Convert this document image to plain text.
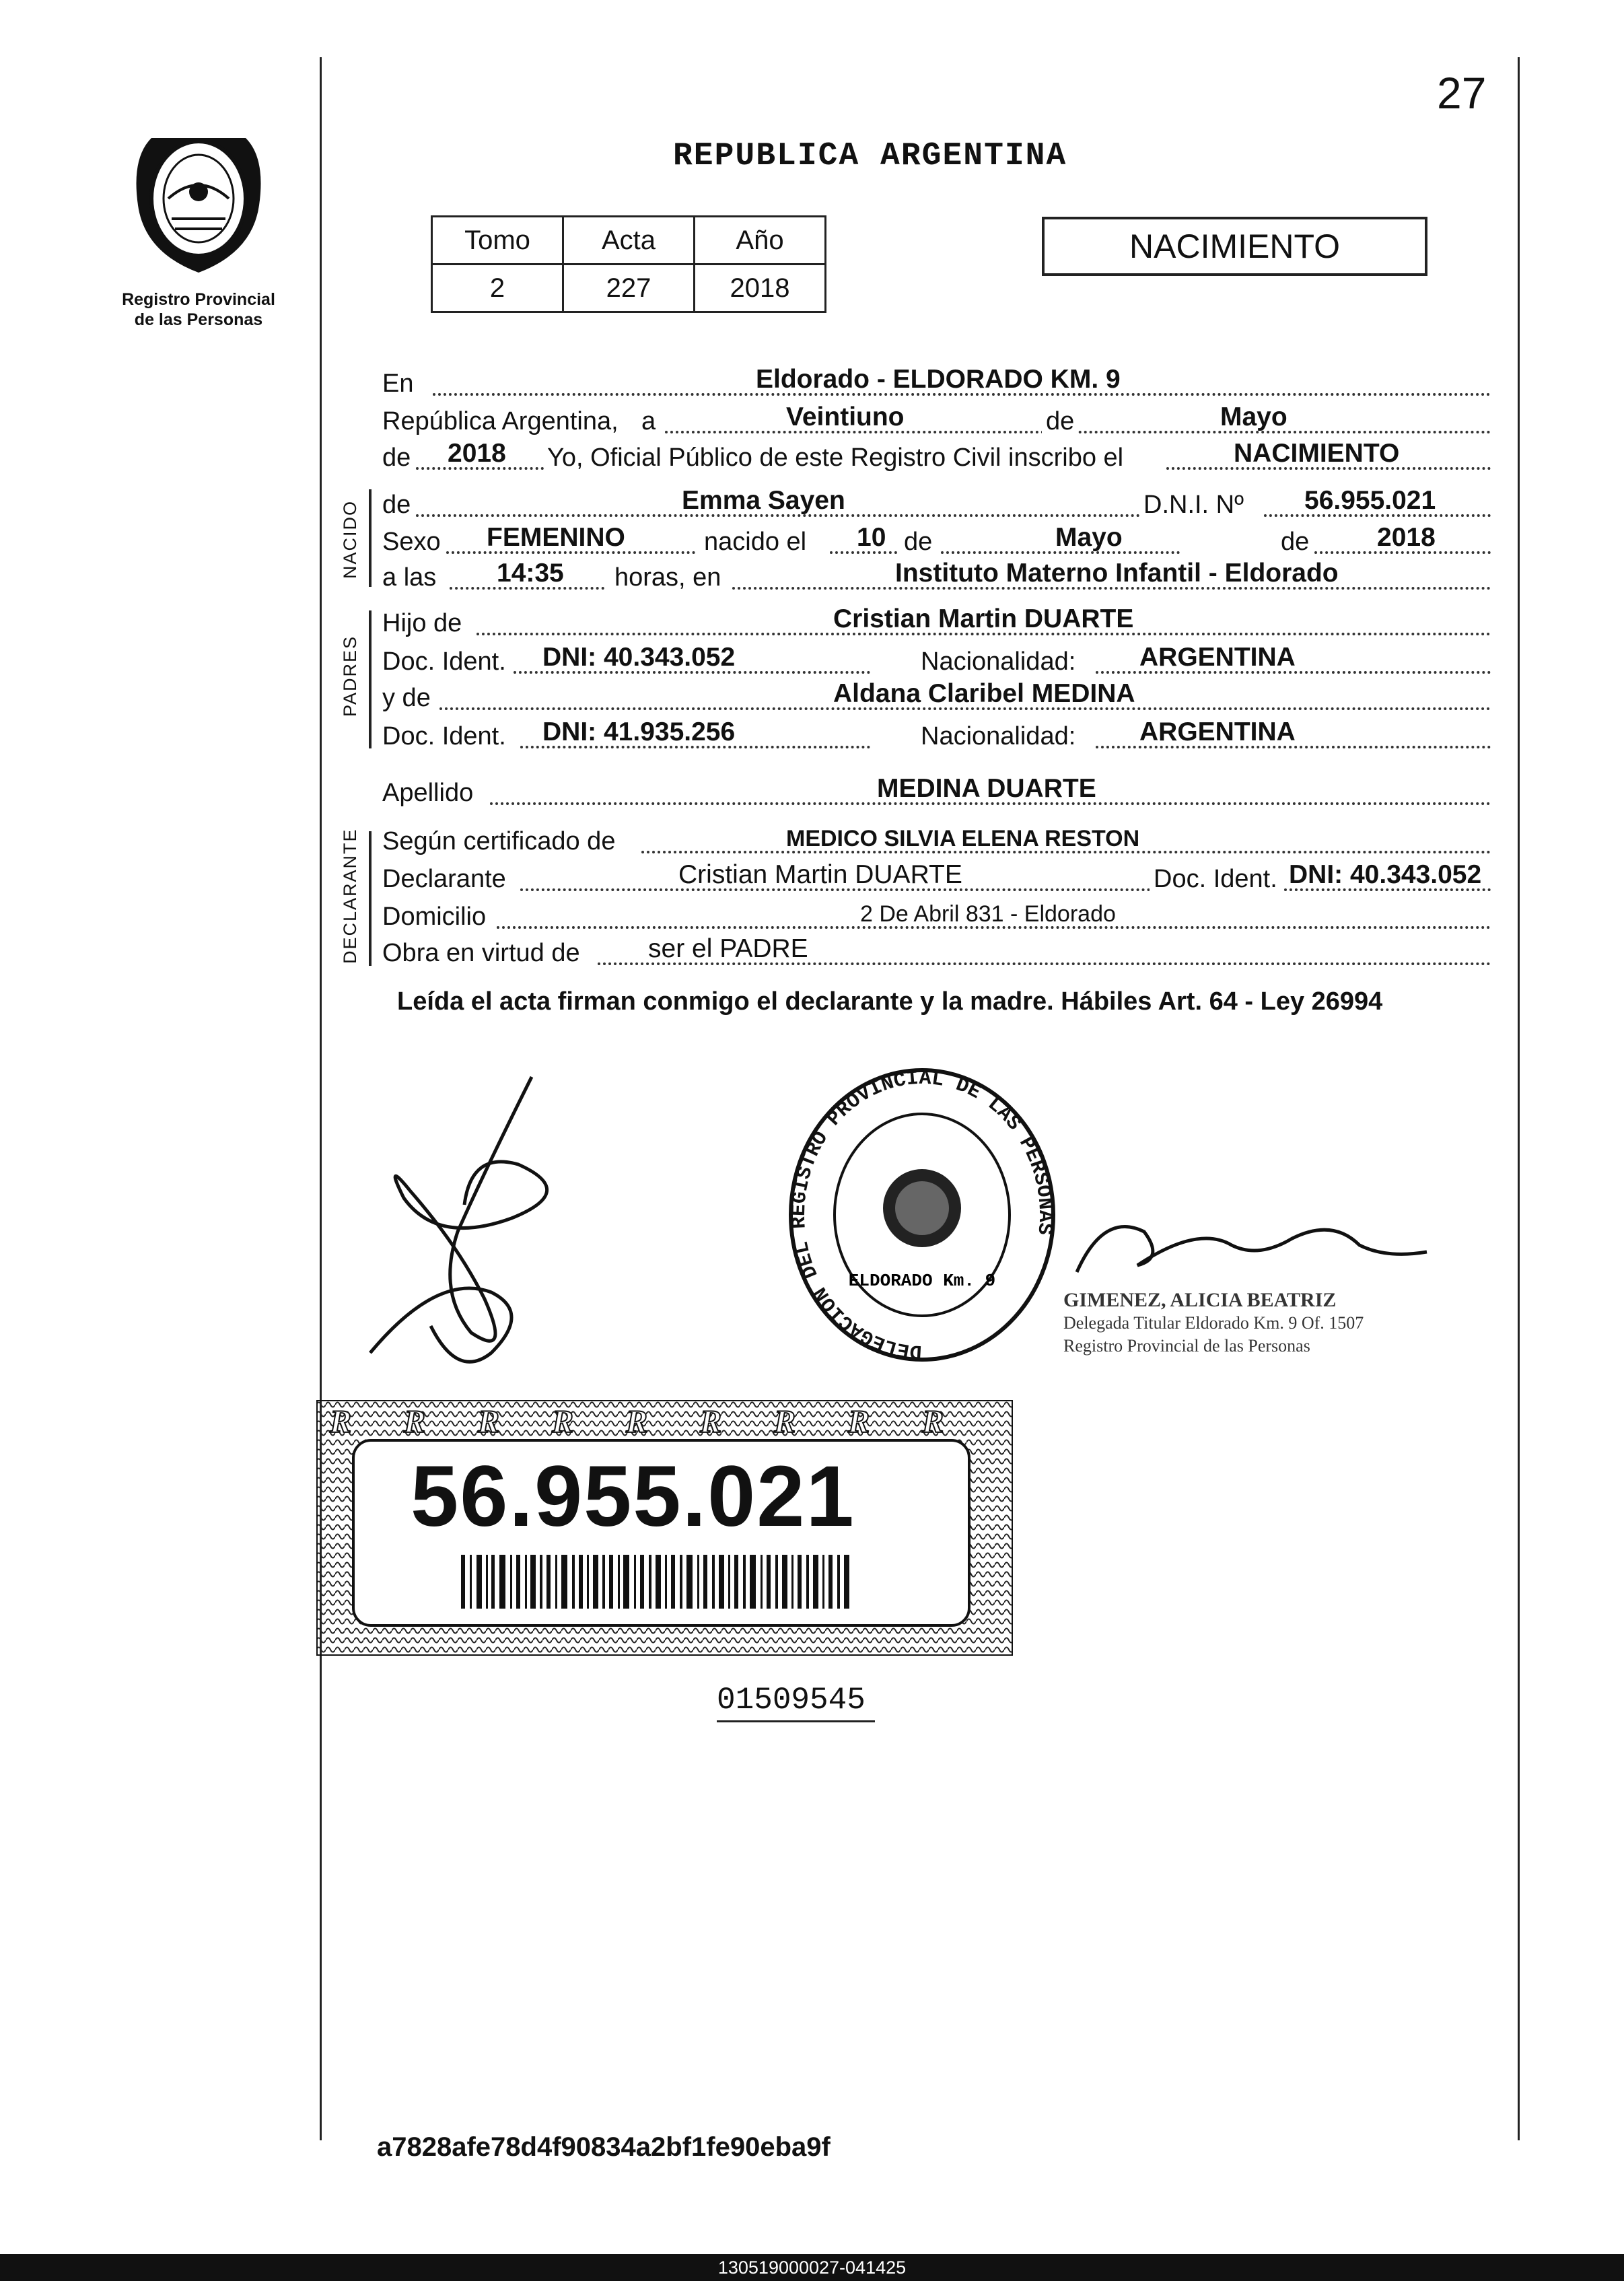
27
Registro Provincial
de las Personas
REPUBLICA ARGENTINA
Tomo	Acta	Año
2	227	2018
NACIMIENTO
En	Eldorado - ELDORADO KM. 9
República Argentina, a	Veintiuno	de	Mayo
de 2018 Yo, Oficial Público de este Registro Civil inscribo el	NACIMIENTO
NACIDO de	Emma Sayen	D.N.I. Nº 56.955.021
Sexo FEMENINO	nacido el 10 de	Mayo	de	2018
a las 14:35 horas, en	Instituto Materno Infantil - Eldorado
PADRES
Hijo de	Cristian Martin DUARTE
Doc. Ident. DNI: 40.343.052	Nacionalidad: ARGENTINA
y de	Aldana Claribel MEDINA
Doc. Ident. DNI: 41.935.256	Nacionalidad: ARGENTINA
Apellido	MEDINA DUARTE
DECLARANTE Según certificado de	MEDICO SILVIA ELENA RESTON
Declarante	Cristian Martin DUARTE	Doc. Ident. DNI: 40.343.052
Domicilio	2 De Abril 831 - Eldorado
Obra en virtud de	ser el PADRE
Leída el acta firman conmigo el declarante y la madre. Hábiles Art. 64 - Ley 26994
DELEGACION DEL REGISTRO PROVINCIAL DE LAS PERSONAS
ELDORADO Km. 9
GIMENEZ, ALICIA BEATRIZ
Delegada Titular Eldorado Km. 9 Of. 1507
Registro Provincial de las Personas
R R R R R R R R R
56.955.021
01509545
a7828afe78d4f90834a2bf1fe90eba9f
130519000027-041425
